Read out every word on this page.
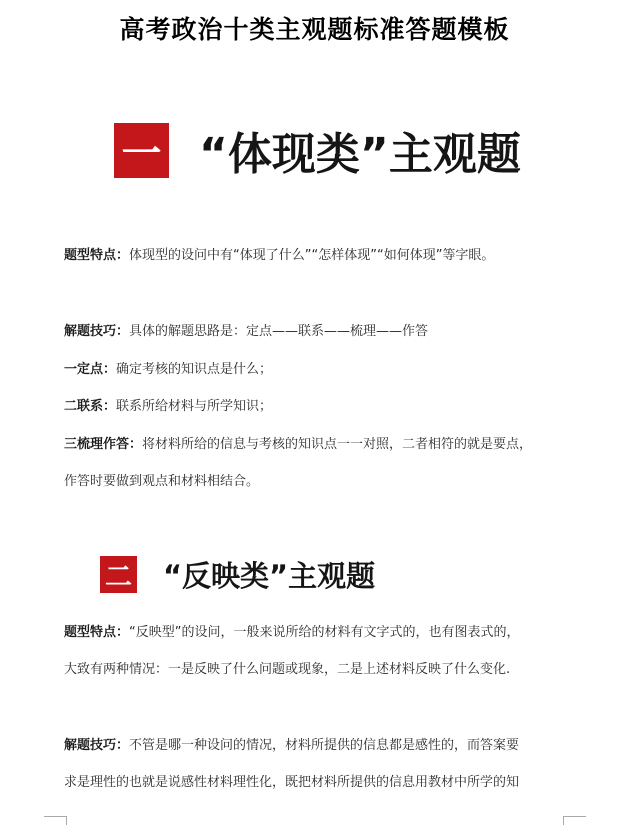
高考政治十类主观题标准答题模板
一 “体现类”主观题
题型特点：体现型的设问中有“体现了什么”“怎样体现”“如何体现”等字眼。
解题技巧：具体的解题思路是：定点——联系——梳理——作答
一定点：确定考核的知识点是什么；
二联系：联系所给材料与所学知识；
三梳理作答：将材料所给的信息与考核的知识点一一对照，二者相符的就是要点，
作答时要做到观点和材料相结合。
二 “反映类”主观题
题型特点：“反映型”的设问，一般来说所给的材料有文字式的，也有图表式的，
大致有两种情况：一是反映了什么问题或现象，二是上述材料反映了什么变化.
解题技巧：不管是哪一种设问的情况，材料所提供的信息都是感性的，而答案要
求是理性的也就是说感性材料理性化，既把材料所提供的信息用教材中所学的知
